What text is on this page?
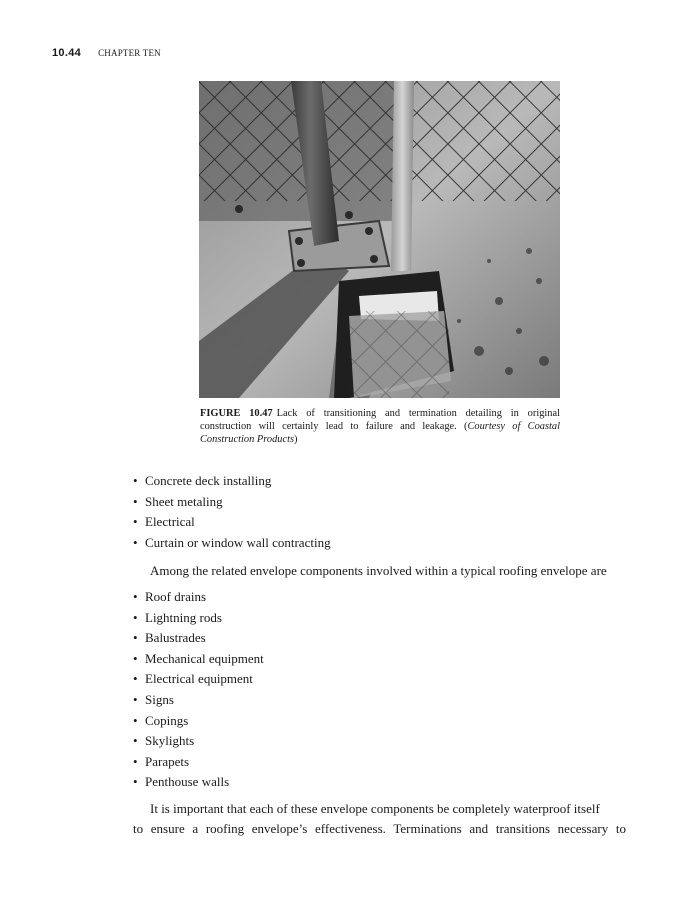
10.44 CHAPTER TEN
FIGURE 10.47 Lack of transitioning and termination detailing in original construction will certainly lead to failure and leakage. (Courtesy of Coastal Construction Products)
• Concrete deck installing
• Sheet metaling
• Electrical
• Curtain or window wall contracting
Among the related envelope components involved within a typical roofing envelope are
• Roof drains
• Lightning rods
• Balustrades
• Mechanical equipment
• Electrical equipment
• Signs
• Copings
• Skylights
• Parapets
• Penthouse walls
It is important that each of these envelope components be completely waterproof itself
to ensure a roofing envelope’s effectiveness. Terminations and transitions necessary to
